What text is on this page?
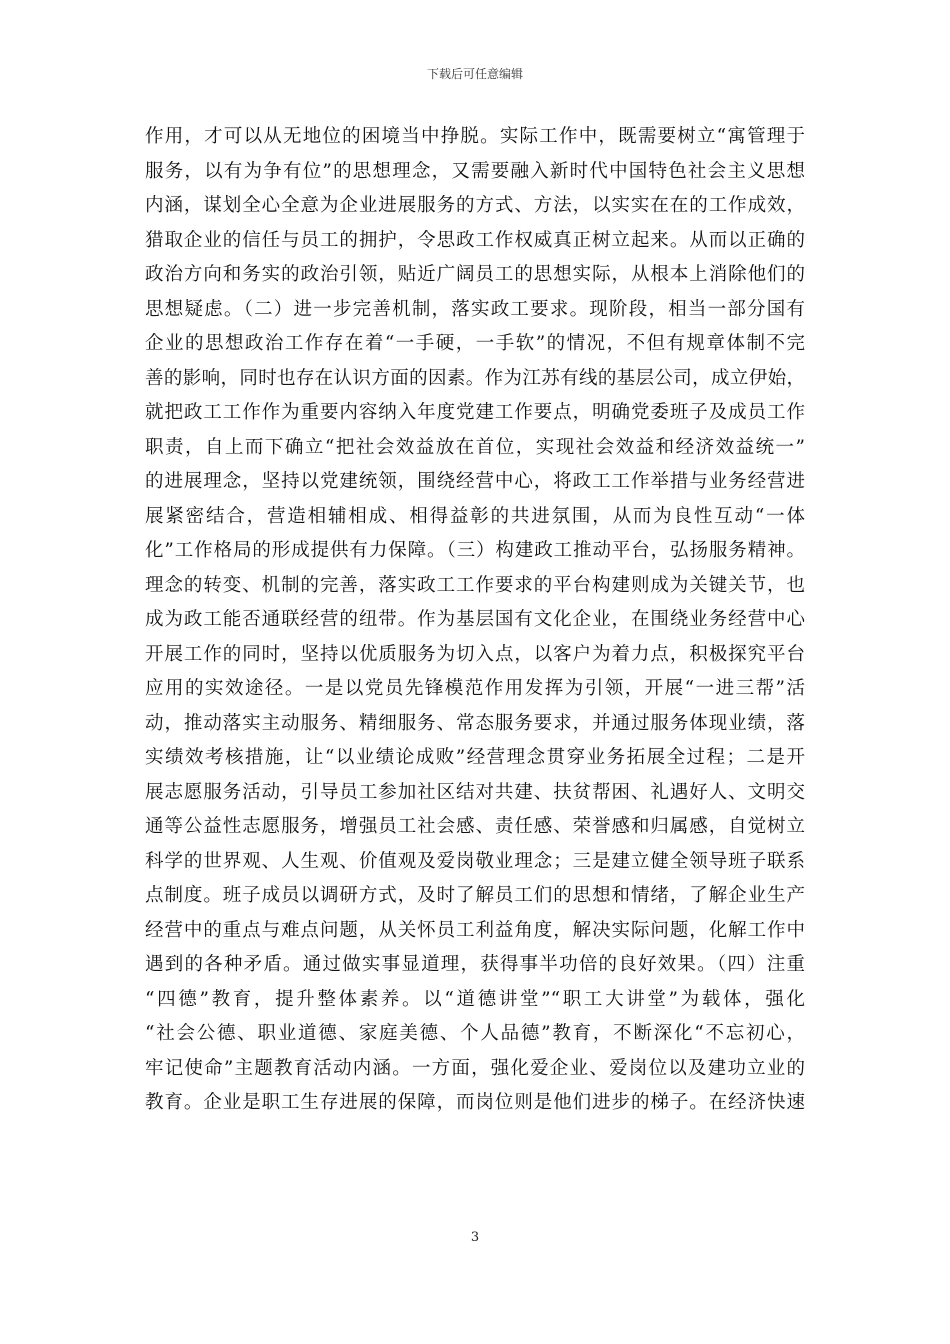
下载后可任意编辑
作用，才可以从无地位的困境当中挣脱。实际工作中，既需要树立“寓管理于
服务，以有为争有位”的思想理念，又需要融入新时代中国特色社会主义思想
内涵，谋划全心全意为企业进展服务的方式、方法，以实实在在的工作成效，
猎取企业的信任与员工的拥护，令思政工作权威真正树立起来。从而以正确的
政治方向和务实的政治引领，贴近广阔员工的思想实际，从根本上消除他们的
思想疑虑。（二）进一步完善机制，落实政工要求。现阶段，相当一部分国有
企业的思想政治工作存在着“一手硬，一手软”的情况，不但有规章体制不完
善的影响，同时也存在认识方面的因素。作为江苏有线的基层公司，成立伊始，
就把政工工作作为重要内容纳入年度党建工作要点，明确党委班子及成员工作
职责，自上而下确立“把社会效益放在首位，实现社会效益和经济效益统一”
的进展理念，坚持以党建统领，围绕经营中心，将政工工作举措与业务经营进
展紧密结合，营造相辅相成、相得益彰的共进氛围，从而为良性互动“一体
化”工作格局的形成提供有力保障。（三）构建政工推动平台，弘扬服务精神。
理念的转变、机制的完善，落实政工工作要求的平台构建则成为关键关节，也
成为政工能否通联经营的纽带。作为基层国有文化企业，在围绕业务经营中心
开展工作的同时，坚持以优质服务为切入点，以客户为着力点，积极探究平台
应用的实效途径。一是以党员先锋模范作用发挥为引领，开展“一进三帮”活
动，推动落实主动服务、精细服务、常态服务要求，并通过服务体现业绩，落
实绩效考核措施，让“以业绩论成败”经营理念贯穿业务拓展全过程；二是开
展志愿服务活动，引导员工参加社区结对共建、扶贫帮困、礼遇好人、文明交
通等公益性志愿服务，增强员工社会感、责任感、荣誉感和归属感，自觉树立
科学的世界观、人生观、价值观及爱岗敬业理念；三是建立健全领导班子联系
点制度。班子成员以调研方式，及时了解员工们的思想和情绪，了解企业生产
经营中的重点与难点问题，从关怀员工利益角度，解决实际问题，化解工作中
遇到的各种矛盾。通过做实事显道理，获得事半功倍的良好效果。（四）注重
“四德”教育，提升整体素养。以“道德讲堂”“职工大讲堂”为载体，强化
“社会公德、职业道德、家庭美德、个人品德”教育，不断深化“不忘初心，
牢记使命”主题教育活动内涵。一方面，强化爱企业、爱岗位以及建功立业的
教育。企业是职工生存进展的保障，而岗位则是他们进步的梯子。在经济快速
3
